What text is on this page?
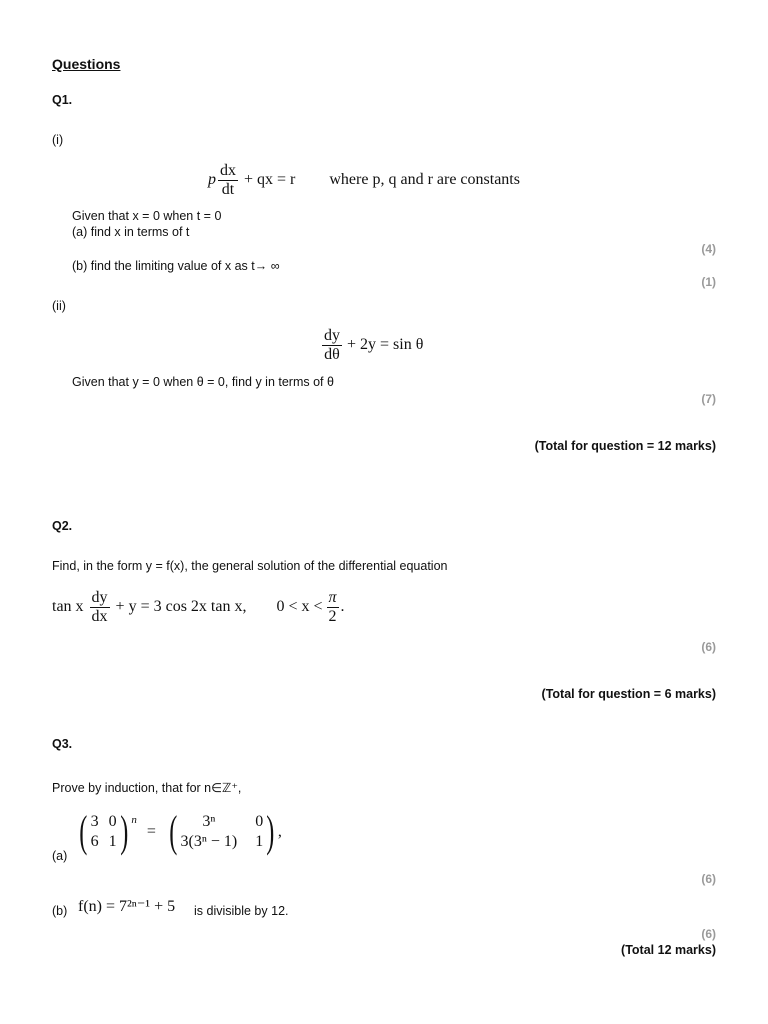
Questions
Q1.
(i)
p $\frac{dx}{dt}$ + qx = r where p, q and r are constants
Given that x = 0 when t = 0
(a) find x in terms of t
(4)
(b) find the limiting value of x as t→ ∞
(1)
(ii)
$\frac{dy}{d\theta} + 2y = \sin \theta$
Given that y = 0 when θ = 0, find y in terms of θ
(7)
(Total for question = 12 marks)
Q2.
Find, in the form y = f(x), the general solution of the differential equation
tan x $\frac{dy}{dx} + y = 3$ cos 2x tan x, $0 < x < \frac{\pi}{2}$ .
(6)
(Total for question = 6 marks)
Q3.
Prove by induction, that for n∈ℤ⁺,
(a) ( 3 0
6 1 ) n
= (	3ⁿ	0
3(3ⁿ − 1) 1 ) ,
(6)
(b) f(n) = 7²ⁿ⁻¹ + 5 is divisible by 12.
(6)
(Total 12 marks)
